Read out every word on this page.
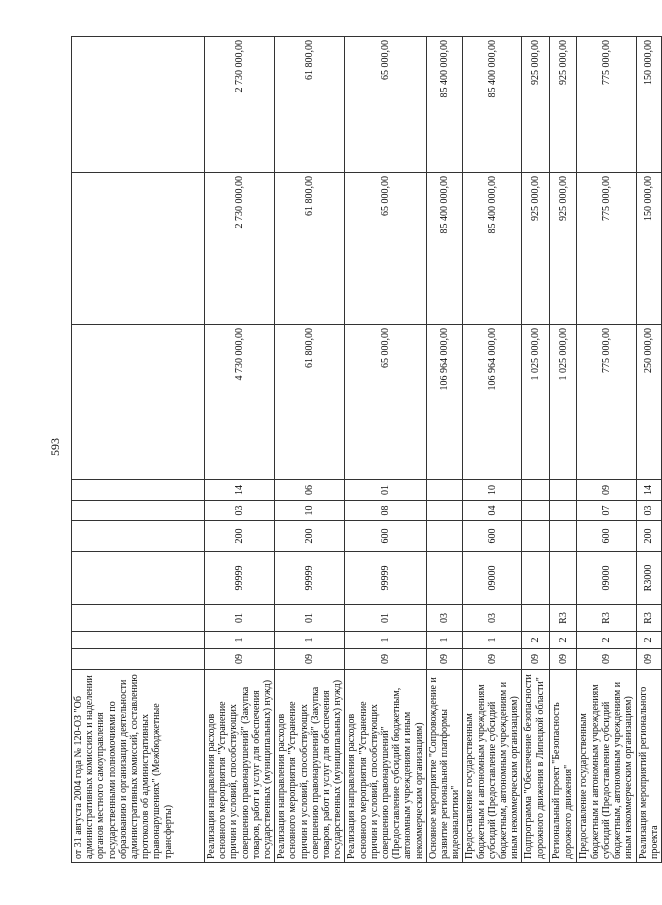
593
от 31 августа 2004 года № 120-ОЗ "Об административных комиссиях и наделении органов местного самоуправления государственными полномочиями по образованию и организации деятельности административных комиссий, составлению протоколов об административных правонарушениях" (Межбюджетные трансферты)										
Реализация направления расходов основного мероприятия "Устранение причин и условий, способствующих совершению правонарушений" (Закупка товаров, работ и услуг для обеспечения государственных (муниципальных) нужд)	09	1	01	99999	200	03	14	4 730 000,00	2 730 000,00	2 730 000,00
Реализация направления расходов основного мероприятия "Устранение причин и условий, способствующих совершению правонарушений" (Закупка товаров, работ и услуг для обеспечения государственных (муниципальных) нужд)	09	1	01	99999	200	10	06	61 800,00	61 800,00	61 800,00
Реализация направления расходов основного мероприятия "Устранение причин и условий, способствующих совершению правонарушений" (Предоставление субсидий бюджетным, автономным учреждениям и иным некоммерческим организациям)	09	1	01	99999	600	08	01	65 000,00	65 000,00	65 000,00
Основное мероприятие "Сопровождение и развитие региональной платформы видеоаналитики"	09	1	03					106 964 000,00	85 400 000,00	85 400 000,00
Предоставление государственным бюджетным и автономным учреждениям субсидий (Предоставление субсидий бюджетным, автономным учреждениям и иным некоммерческим организациям)	09	1	03	09000	600	04	10	106 964 000,00	85 400 000,00	85 400 000,00
Подпрограмма "Обеспечение безопасности дорожного движения в Липецкой области"	09	2						1 025 000,00	925 000,00	925 000,00
Региональный проект "Безопасность дорожного движения"	09	2	R3					1 025 000,00	925 000,00	925 000,00
Предоставление государственным бюджетным и автономным учреждениям субсидий (Предоставление субсидий бюджетным, автономным учреждениям и иным некоммерческим организациям)	09	2	R3	09000	600	07	09	775 000,00	775 000,00	775 000,00
Реализация мероприятий регионального проекта	09	2	R3	R3000	200	03	14	250 000,00	150 000,00	150 000,00
